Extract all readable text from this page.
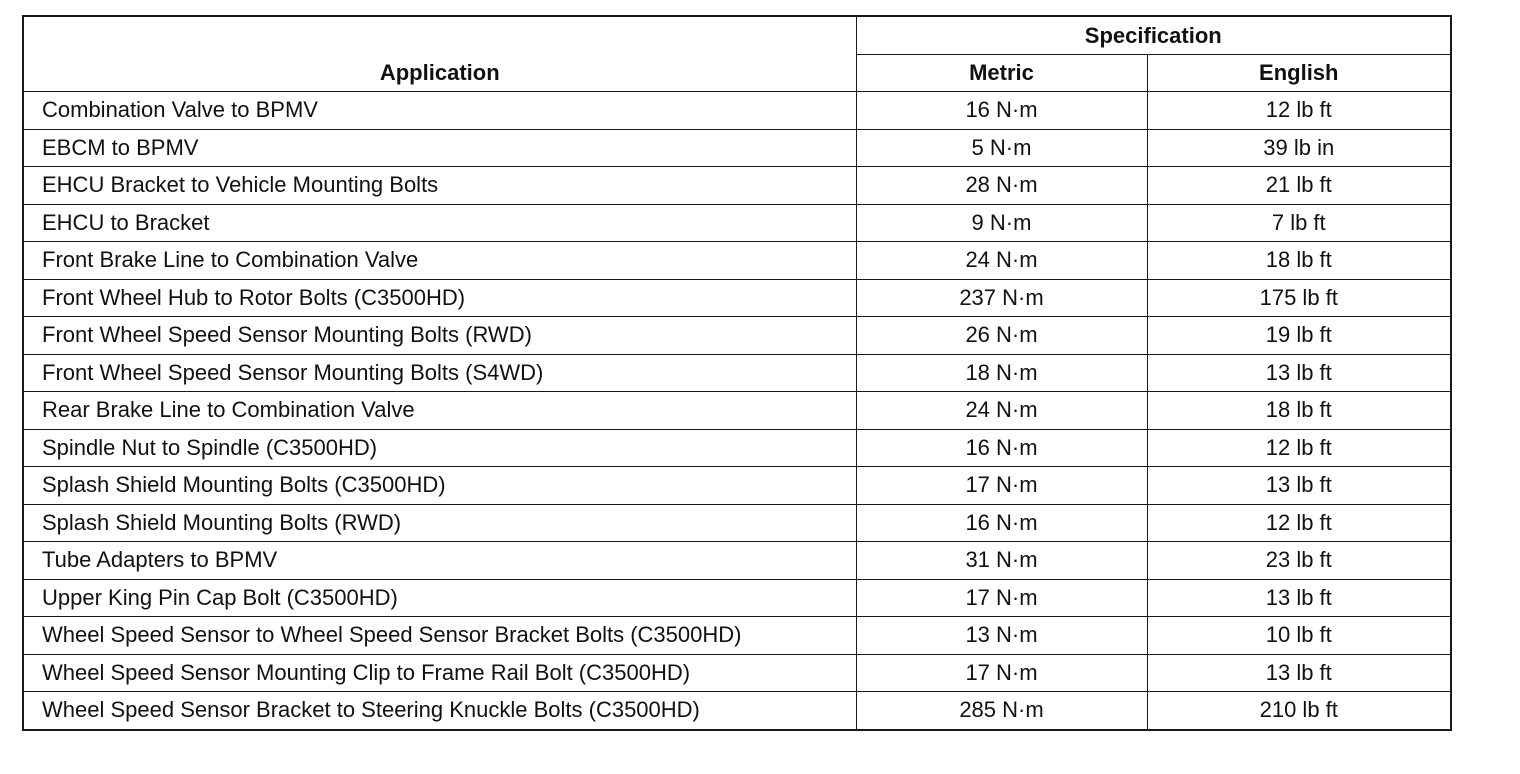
Application	Specification	
	Metric	English
Combination Valve to BPMV	16 N·m	12 lb ft
EBCM to BPMV	5 N·m	39 lb in
EHCU Bracket to Vehicle Mounting Bolts	28 N·m	21 lb ft
EHCU to Bracket	9 N·m	7 lb ft
Front Brake Line to Combination Valve	24 N·m	18 lb ft
Front Wheel Hub to Rotor Bolts (C3500HD)	237 N·m	175 lb ft
Front Wheel Speed Sensor Mounting Bolts (RWD)	26 N·m	19 lb ft
Front Wheel Speed Sensor Mounting Bolts (S4WD)	18 N·m	13 lb ft
Rear Brake Line to Combination Valve	24 N·m	18 lb ft
Spindle Nut to Spindle (C3500HD)	16 N·m	12 lb ft
Splash Shield Mounting Bolts (C3500HD)	17 N·m	13 lb ft
Splash Shield Mounting Bolts (RWD)	16 N·m	12 lb ft
Tube Adapters to BPMV	31 N·m	23 lb ft
Upper King Pin Cap Bolt (C3500HD)	17 N·m	13 lb ft
Wheel Speed Sensor to Wheel Speed Sensor Bracket Bolts (C3500HD)	13 N·m	10 lb ft
Wheel Speed Sensor Mounting Clip to Frame Rail Bolt (C3500HD)	17 N·m	13 lb ft
Wheel Speed Sensor Bracket to Steering Knuckle Bolts (C3500HD)	285 N·m	210 lb ft
